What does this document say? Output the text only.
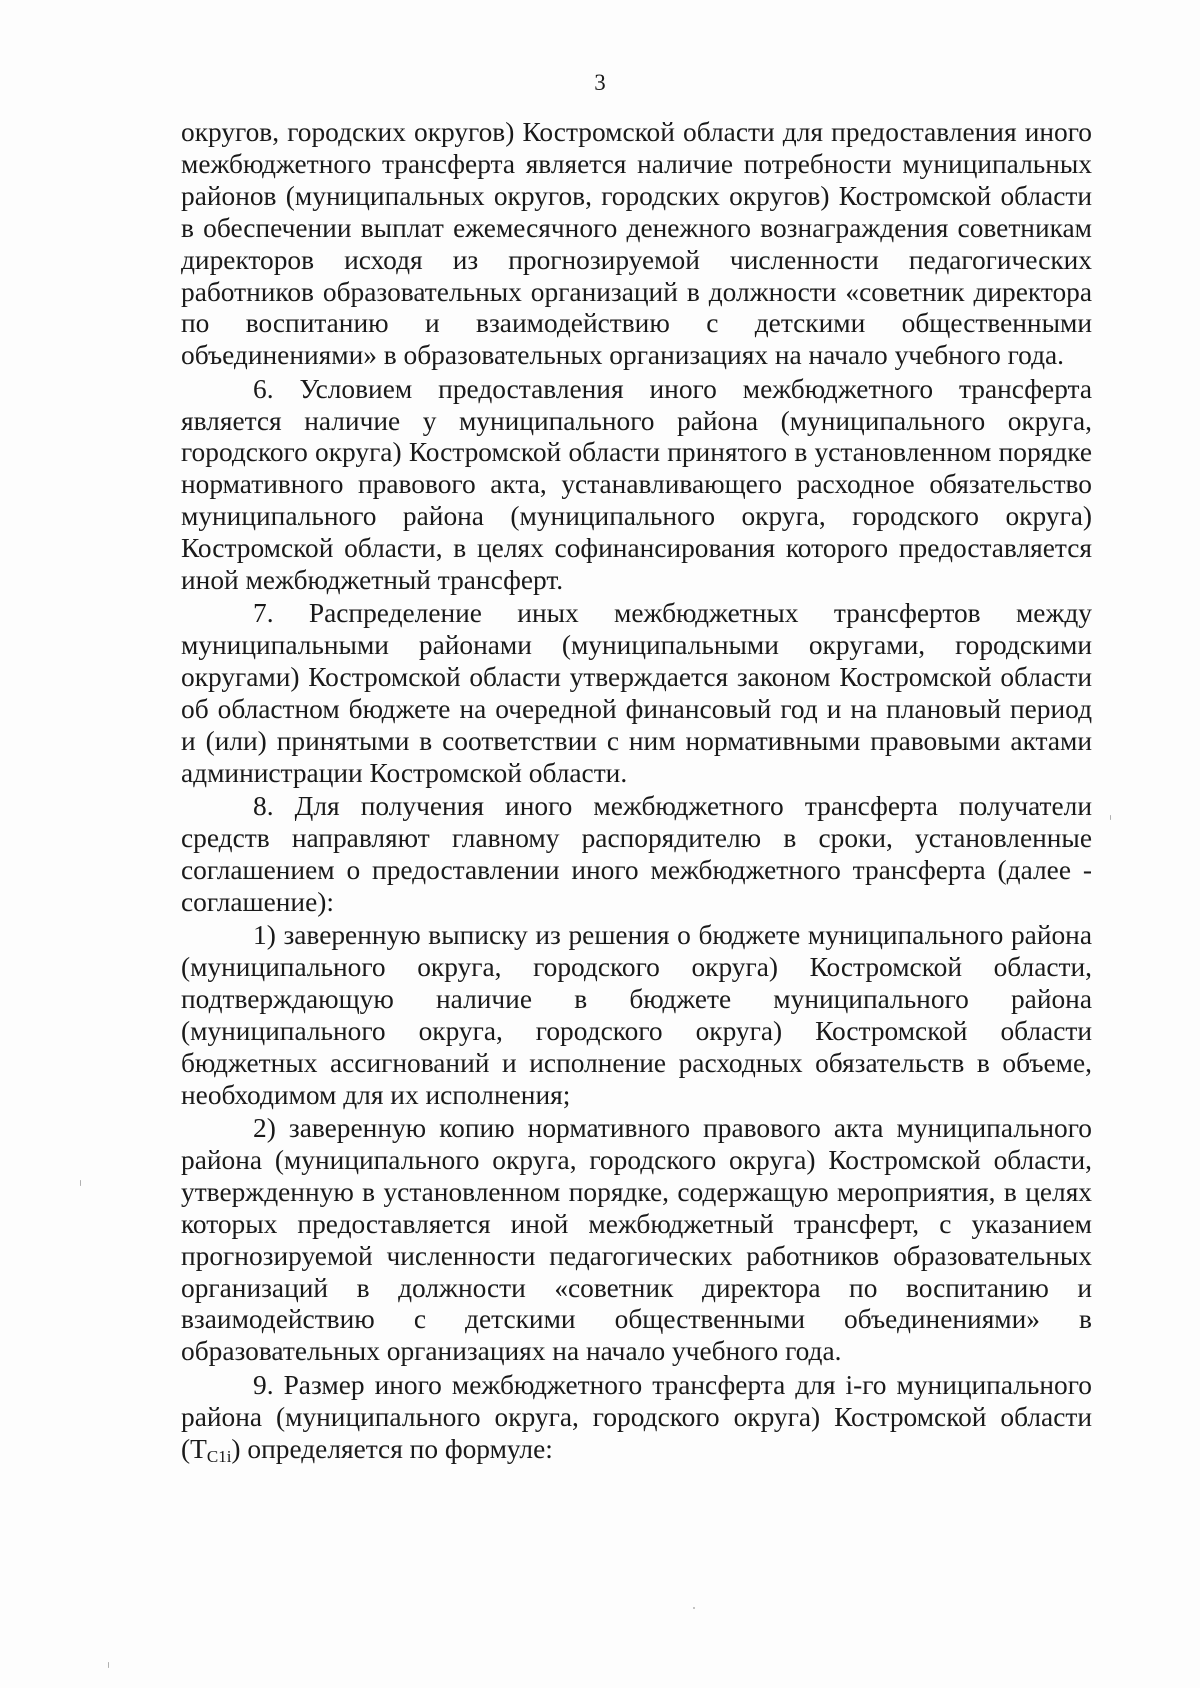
3

округов, городских округов) Костромской области для предоставления иного межбюджетного трансферта является наличие потребности муниципальных районов (муниципальных округов, городских округов) Костромской области в обеспечении выплат ежемесячного денежного вознаграждения советникам директоров исходя из прогнозируемой численности педагогических работников образовательных организаций в должности «советник директора по воспитанию и взаимодействию с детскими общественными объединениями» в образовательных организациях на начало учебного года.

6. Условием предоставления иного межбюджетного трансферта является наличие у муниципального района (муниципального округа, городского округа) Костромской области принятого в установленном порядке нормативного правового акта, устанавливающего расходное обязательство муниципального района (муниципального округа, городского округа) Костромской области, в целях софинансирования которого предоставляется иной межбюджетный трансферт.

7. Распределение иных межбюджетных трансфертов между муниципальными районами (муниципальными округами, городскими округами) Костромской области утверждается законом Костромской области об областном бюджете на очередной финансовый год и на плановый период и (или) принятыми в соответствии с ним нормативными правовыми актами администрации Костромской области.

8. Для получения иного межбюджетного трансферта получатели средств направляют главному распорядителю в сроки, установленные соглашением о предоставлении иного межбюджетного трансферта (далее - соглашение):

1) заверенную выписку из решения о бюджете муниципального района (муниципального округа, городского округа) Костромской области, подтверждающую наличие в бюджете муниципального района (муниципального округа, городского округа) Костромской области бюджетных ассигнований и исполнение расходных обязательств в объеме, необходимом для их исполнения;

2) заверенную копию нормативного правового акта муниципального района (муниципального округа, городского округа) Костромской области, утвержденную в установленном порядке, содержащую мероприятия, в целях которых предоставляется иной межбюджетный трансферт, с указанием прогнозируемой численности педагогических работников образовательных организаций в должности «советник директора по воспитанию и взаимодействию с детскими общественными объединениями» в образовательных организациях на начало учебного года.

9. Размер иного межбюджетного трансферта для i-го муниципального района (муниципального округа, городского округа) Костромской области $(Т_{C1i})$ определяется по формуле:
